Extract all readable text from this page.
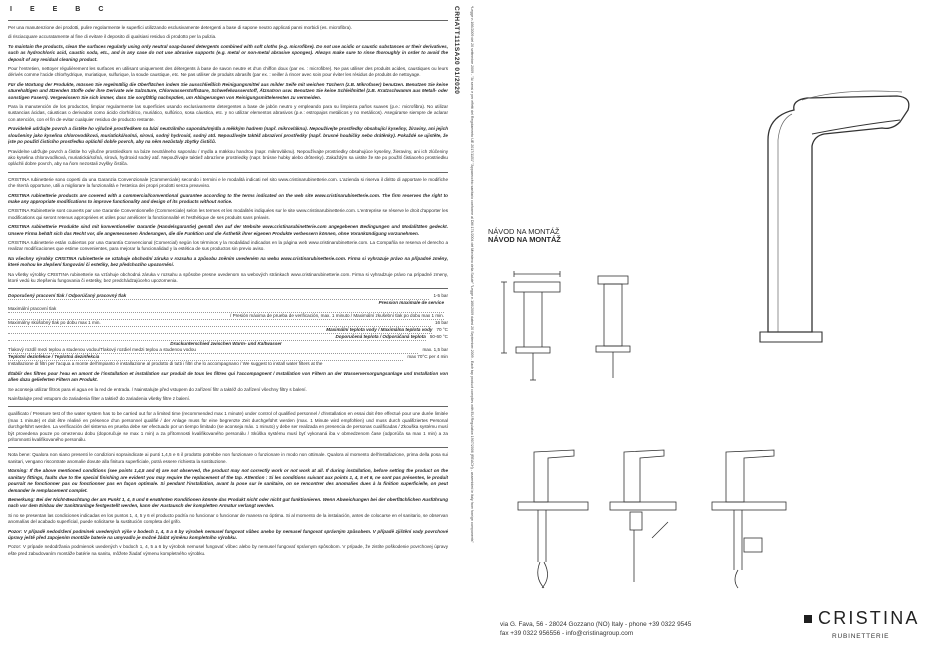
I	E	E	B	Č

Per una manutenzione dei prodotti, pulire regolarmente le superfici utilizzando esclusivamente detergenti a base di sapone neutro applicati panni morbidi (es. microfibra).

di risciacquare accuratamente al fine di evitare il deposito di qualsiasi residuo di prodotto per la pulizia.

To maintain the products, clean the surfaces regularly using only neutral soap-based detergents combined with soft cloths (e.g. microfibre). Do not use acidic or caustic substances or their derivatives, such as hydrochloric acid, caustic soda, etc., and in any case do not use abrasive supports (e.g. metal or non-metal abrasive sponges). Always make sure to rinse thoroughly in order to avoid the deposit of any residual cleaning product.

Pour l'entretien, nettoyer régulièrement les surfaces en utilisant uniquement des détergents à base de savon neutre et d'un chiffon doux (par ex. : microfibre). Ne pas utiliser des produits acides, caustiques ou leurs dérivés comme l'acide chlorhydrique, muriatique, sulfurique, la soude caustique, etc. Ne pas utiliser de produits abrasifs (par ex. : veiller à rincer avec soin pour éviter les résidus de produits de nettoyage.

Für die Wartung der Produkte, müssen Sie regelmäßig die Oberflächen indem Sie ausschließlich Reinigungsmittel aus milder Seife mit weichen Tüchern (z.B. Mikrofaser) benutzen. Benutzen Sie keine säurehaltigen und ätzenden Stoffe oder ihre Derivate wie Salzsäure, Chlorwasserstoffsäure, Schwefelwasserstoff, Ätznatron usw. Benutzen Sie keine Schleifmittel (z.B. Kratzschwamm aus Metall- oder sonstigen Fasern). Vergewissern Sie sich immer, dass Sie sorgfältig nachspülen, um Ablagerungen von Reinigungsmitteleresten zu vermeiden.

Para la manutención de los productos, limpiar regularmente las superficies usando exclusivamente detergentes a base de jabón neutro y empleando para su limpieza paños suaves (p.e.: microfibra). No utilizar sustancias ácidas, cáusticas o derivados como ácido clorhídrico, muriático, sulfúrico, sosa cáustica, etc. y no utilizar elementos abrasivos (p.e.: estropajos metálicos y no metálicos). Asegúrarse siempre de aclarar con atención, con el fin de evitar cualquier residuo de producto restante.

Pravidelně udržujte povrch a čistěte ho výlučně prostředkem na bázi neutrálního saponátu/mýdla a měkkým hadrem (např. mikrovláknu). Nepoužívejte prostředky obsahující kyseliny, žíraviny, ani jejich sloučeniny jako kyselina chlorovodíková, muriatická/solná, sírová, sodný hydroxid, sodný atd. Nepoužívejte taktéž abrazivní prostředky (např. brusné houbičky nebo drátěnky). Pokaždé se ujistěte, že jste po použití čisticího prostředku opláchli dobře povrch, aby na něm nezůstaly zbytky čističů.

Pravidelne udržujte povrch a čistite ho výlučne prostriedkom na báze neutrálneho saponátu / mydla a mäkkou handrou (napr. mikrovláknu). Nepoužívajte prostriedky obsahujúce kyseliny, žieraviny, ani ich zlúčeniny ako kyselina chlorovodíková, muriatická/soľná, sírová, hydroxid sodný atď. Nepoužívajte taktiež abrazívne prostriedky (napr. brúsne hubky alebo drôtenky). Zakaždým sa uistite že ste po použití čistiaceho prostriedku opláchli dobre povrch, aby na ňom nezostali zvyšky čističa.

CRISTINA rubinetterie sono coperti da una Garanzia Convenzionale (Commerciale) secondo i termini e le modalità indicati nel sito www.cristinarubinetterie.com. L'azienda si riserva il diritto di apportare le modifiche che riterrà opportune, utili a migliorare la funzionalità e l'estetica dei propri prodotti senza preavviso.

CRISTINA rubinetterie products are covered with a commercial/conventional guarantee according to the terms indicated on the web site www.cristinarubinetterie.com. The firm reserves the right to make any appropriate modifications to improve functionality and design of its products without notice.

CRISTINA Rubinetterie sont couverts par une Garantie Conventionnelle (Commerciale) selon les termes et les modalités indiquées sur le site www.cristinarubinetterie.com. L'entreprise se réserve le droit d'apporter les modifications qui seront retenus appropriées et utiles pour améliorer la fonctionnalité et l'esthétique de ses produits sans préavis.

CRISTINA rubinetterie Produkte sind mit konventioneller Garantie (Handelsgarantie) gemäß den auf der Website www.cristinarubinetterie.com angegebenen Bedingungen und Modalitäten gedeckt. Unsere Firma behält sich das Recht vor, die angemessenen Änderungen, die die Funktion und die Ästhetik ihrer eigenen Produkte verbessern können, ohne Vorankündigung vorzunehmen.

CRISTINA rubinetterie están cubiertos por una Garantía Convencional (Comercial) según los términos y la modalidad indicados en la página web www.cristinarubinetterie.com. La Compañía se reserva el derecho a realizar modificaciones que estime convenientes, para mejorar la funcionalidad y la estética de sus productos sin previo aviso.

Na všechny výrobky CRISTINA rubinetterie se vztahuje obchodní záruka v rozsahu a způsobu zněním uvedeném na webu www.cristinarubinetterie.com. Firma si vyhrazuje právo na případné změny, které mohou ke zlepšení fungování či estetiky, bez předchozího upozornění.

Na všetky výrobky CRISTINA rubinetterie sa vzťahuje obchodná záruka v rozsahu a spôsobe presne uvedenom na webových stránkach www.cristinarubinetterie.com. Firma si vyhradzuje právo na prípadné zmeny, ktoré vedú ku zlepšeniu fungovania či estetiky, bez predchádzajúceho upozornenia.

Doporučený pracovní tlak / Odporúčaný pracovný tlak	1-5 bar
Pression maximale de service
Maximální pracovní tlak
/ Presión máxima de prueba de verificación, max. 1 minuto / Maximální zkušební tlak po dobu max 1 min.
Maximálny skúšobný tlak po dobu max 1 min.	16 bar
Maximální teplota vody / Maximálna teplota vody 70 °C
Doporučená teplota / Odporúčaná teplota 50-60 °C
Druckunterschied zwischen Warm- und Kaltwasser
Tlakový rozdíl mezi teplou a studenou vodou/Tlakový rozdiel medzi teplou a studenou vodou	max. 1,5 bar
Teplotní dezinfekce / Teplotná dezinfekcia	max 70°C per 4 min

Installazione di filtri per l'acqua a monte dell'impianto è installazione al prodotto di tutti i filtri che lo accompagnano / We suggest to install water filters at the

Établir des filtres pour l'eau en amont de l'installation et installation sur produit de tous les filtres qui l'accompagnent / Installation von Filtern an der Wasserversorgungsanlage und Installation von allen dazu gelieferten Filtern am Produkt.

Se aconseja utilizar filtros para el agua en la red de entrada. / Nainstalujte před vstupem do zařízení filtr a taktéž do zařízení všechny filtry s balení.

Nainštalujte pred vstupom do zariadenia filter a taktiež do zariadenia všetky filtre z balení.

qualificato / Pressure test of the water system has to be carried out for a limited time (recommended max 1 minute) under control of qualified personnel / d'installation en essai doit être effectué pour une durée limitée (max 1 minute) et doit être réalisé en présence d'un personnel qualifié / der Anlage muss für eine begrenzte Zeit durchgeführt werden (max. 1 Minute wird empfohlen) und muss durch qualifiziertes Personal durchgeführt werden. La verificación del sistema en prueba debe ser efectuado por un tiempo limitado (se aconseja máx. 1 minuto) y debe ser realizada en presencia de personas cualificadas / Zkouška systému musí být provedena pouze po omezenou dobu (doporučuje se max 1 min) a za přítomnosti kvalifikovaného personálu / Skúška systému musí byť vykonaná iba v obmedzenom čase (odporúča sa max 1 min) a za prítomnosti kvalifikovaného personálu.

Nota bene: Qualora non siano presenti le condizioni sopraindicate ai punti 1,4,5 e 6 il prodotto potrebbe non funzionare o funzionare in modo non ottimale. Qualora al momento dell'installazione, prima della posa sui sanitari, vengano riscontrate anomalie dovute alla finitura superficiale, potrà essere richiesta la sostituzione.

Warning: If the above mentioned conditions (see points 1,4,5 and 6) are not observed, the product may not correctly work or not work at all. If during installation, before setting the product on the sanitary fittings, faults due to the special finishing are evident you may require the replacement of the tap. Attention : Si les conditions suivant aux points 1, 4, 5 et 6, ne sont pas présentes, le produit pourrait ne fonctionner pas ou fonctionner pas en façon optimale. Si pendant l'installation, avant la pose sur le sanitaire, on se rencontrer des anomalies dues à la finition superficielle, on peut demander le remplacement complet.

Bemerkung: Bei der Nicht-Beachtung der am Punkt 1, 4, 5 und 6 erwähnten Konditionen könnte das Produkt nicht oder nicht gut funktionieren. Wenn Abweichungen bei der oberflächlichen Ausführung nach vor dem Einbau der Sanitäranlage festgestellt werden, kann der Austausch der kompletten Armatur verlangt werden.

Si no se presentan las condiciones indicadas en los puntos 1, 4, 5 y 6 el producto podría no funcionar o funcionar de manera no óptima. Si al momento de la instalación, antes de colocarse en el sanitario, se observan anomalías del acabado superficial, puede solicitarse la sustitución completa del grifo.

Pozor: V případě nedodržení podmínek uvedených výše v bodech 1, 4, 5 a 6 by výrobek nemusel fungovat vůbec anebo by nemusel fungovat správným způsobem. V případě zjištění vady povrchové úpravy ještě před zapojením montáže baterie na umyvadlo je možné žádat výměnu kompletního výrobku.

Pozor: V prípade nedodržania podmienok uvedených v bodoch 1, 4, 5 a 6 by výrobok nemusel fungovať vôbec alebo by nemusel fungovať správnym spôsobom. V prípade, že zistíte poškodenie povrchovej úpravy ešte pred zabudovaním montáže batérie na sanitu, môžete žiadať výmenu kompletného výrobku.

CRHATT111SA20 01/2020	*Legge n.166/2009 del 20 settembre 2009 - "Ai sensi e per effetti del Regolamento UE 2017/1151" "Apparecchio sanitario conforme al DM 174/2004 del Ministero della Salute" "Legge n.166/2009 dated 20 September 2009 - Each tap product complies with EU Regulation 1907/2006 (REACH) - assembled in Italy from foreign components" NÁVOD NA MONTÁŽ
NÁVOD NA MONTÁŽ
via G. Fava, 56 - 28024 Gozzano (NO) Italy - phone +39 0322 9545
fax +39 0322 956556 - info@cristinagroup.com
CRISTINA
RUBINETTERIE
